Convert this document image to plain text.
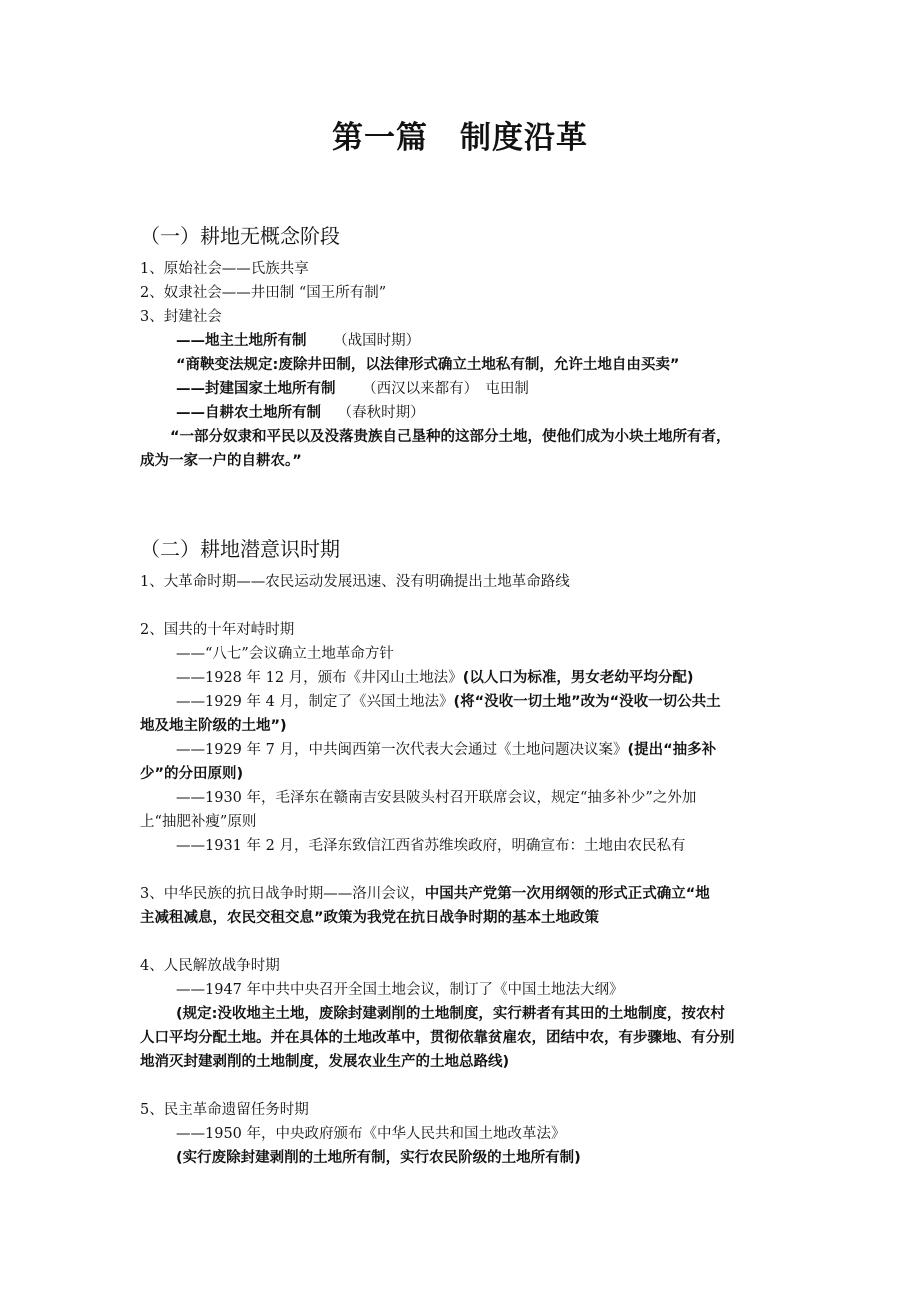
第一篇　制度沿革
（一）耕地无概念阶段
1、原始社会——氏族共享
2、奴隶社会——井田制 “国王所有制”
3、封建社会
——地主土地所有制 （战国时期）
“商鞅变法规定:废除井田制，以法律形式确立土地私有制，允许土地自由买卖”
——封建国家土地所有制 （西汉以来都有）　屯田制
——自耕农土地所有制 （春秋时期）
“一部分奴隶和平民以及没落贵族自己垦种的这部分土地，使他们成为小块土地所有者，
成为一家一户的自耕农。”
（二）耕地潜意识时期
1、大革命时期——农民运动发展迅速、没有明确提出土地革命路线
2、国共的十年对峙时期
——“八七”会议确立土地革命方针
——1928 年 12 月，颁布《井冈山土地法》(以人口为标准，男女老幼平均分配)
——1929 年 4 月，制定了《兴国土地法》(将“没收一切土地”改为“没收一切公共土
地及地主阶级的土地”)
——1929 年 7 月，中共闽西第一次代表大会通过《土地问题决议案》(提出“抽多补
少”的分田原则)
——1930 年，毛泽东在赣南吉安县陂头村召开联席会议，规定“抽多补少”之外加
上“抽肥补瘦”原则
——1931 年 2 月，毛泽东致信江西省苏维埃政府，明确宣布：土地由农民私有
3、中华民族的抗日战争时期——洛川会议，中国共产党第一次用纲领的形式正式确立“地
主减租减息，农民交租交息”政策为我党在抗日战争时期的基本土地政策
4、人民解放战争时期
——1947 年中共中央召开全国土地会议，制订了《中国土地法大纲》
(规定:没收地主土地，废除封建剥削的土地制度，实行耕者有其田的土地制度，按农村
人口平均分配土地。并在具体的土地改革中，贯彻依靠贫雇农，团结中农，有步骤地、有分别
地消灭封建剥削的土地制度，发展农业生产的土地总路线)
5、民主革命遗留任务时期
——1950 年，中央政府颁布《中华人民共和国土地改革法》
(实行废除封建剥削的土地所有制，实行农民阶级的土地所有制)
